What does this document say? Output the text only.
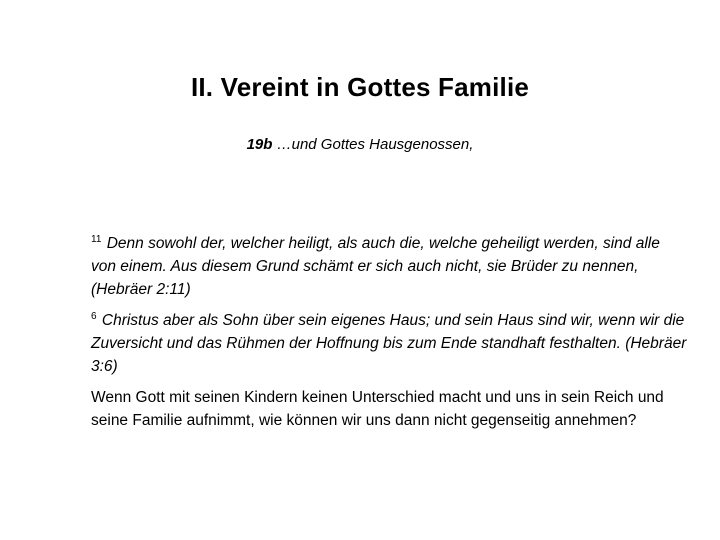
II. Vereint in Gottes Familie
19b …und Gottes Hausgenossen,

$^{11}$ Denn sowohl der, welcher heiligt, als auch die, welche geheiligt werden, sind alle von einem. Aus diesem Grund schämt er sich auch nicht, sie Brüder zu nennen, (Hebräer 2:11)

$^6$ Christus aber als Sohn über sein eigenes Haus; und sein Haus sind wir, wenn wir die Zuversicht und das Rühmen der Hoffnung bis zum Ende standhaft festhalten. (Hebräer 3:6)

Wenn Gott mit seinen Kindern keinen Unterschied macht und uns in sein Reich und seine Familie aufnimmt, wie können wir uns dann nicht gegenseitig annehmen?
